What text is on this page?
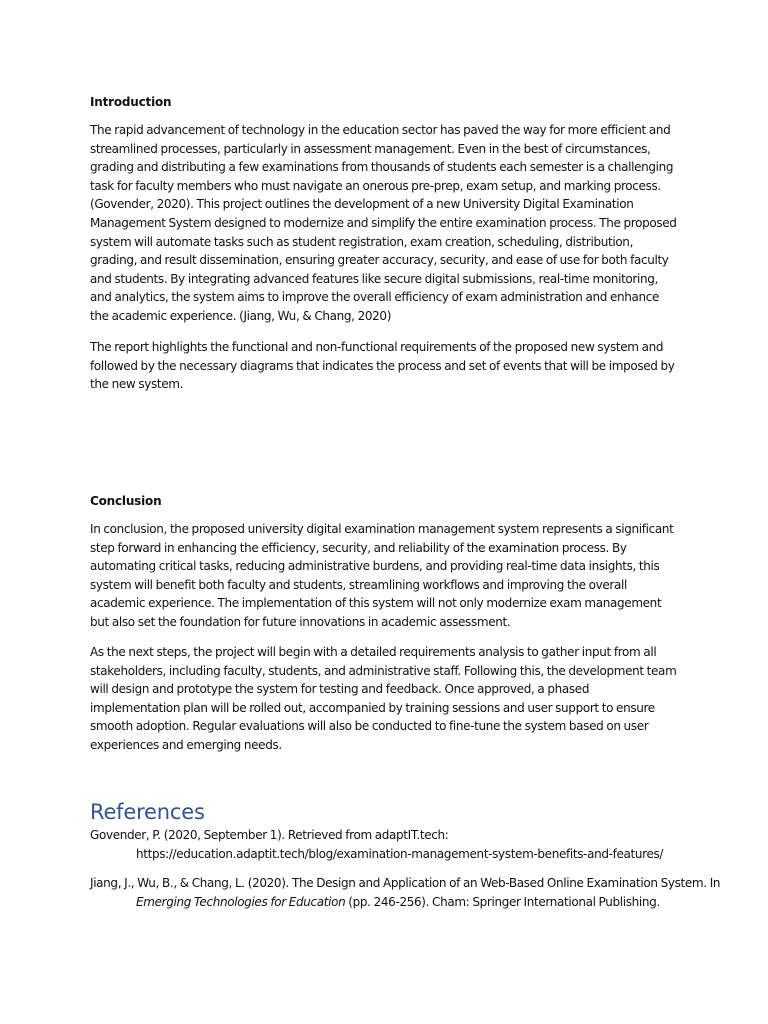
Introduction

The rapid advancement of technology in the education sector has paved the way for more efficient and streamlined processes, particularly in assessment management. Even in the best of circumstances, grading and distributing a few examinations from thousands of students each semester is a challenging task for faculty members who must navigate an onerous pre-prep, exam setup, and marking process. (Govender, 2020). This project outlines the development of a new University Digital Examination Management System designed to modernize and simplify the entire examination process. The proposed system will automate tasks such as student registration, exam creation, scheduling, distribution, grading, and result dissemination, ensuring greater accuracy, security, and ease of use for both faculty and students. By integrating advanced features like secure digital submissions, real-time monitoring, and analytics, the system aims to improve the overall efficiency of exam administration and enhance the academic experience. (Jiang, Wu, & Chang, 2020)

The report highlights the functional and non-functional requirements of the proposed new system and followed by the necessary diagrams that indicates the process and set of events that will be imposed by the new system.

Conclusion

In conclusion, the proposed university digital examination management system represents a significant step forward in enhancing the efficiency, security, and reliability of the examination process. By automating critical tasks, reducing administrative burdens, and providing real-time data insights, this system will benefit both faculty and students, streamlining workflows and improving the overall academic experience. The implementation of this system will not only modernize exam management but also set the foundation for future innovations in academic assessment.

As the next steps, the project will begin with a detailed requirements analysis to gather input from all stakeholders, including faculty, students, and administrative staff. Following this, the development team will design and prototype the system for testing and feedback. Once approved, a phased implementation plan will be rolled out, accompanied by training sessions and user support to ensure smooth adoption. Regular evaluations will also be conducted to fine-tune the system based on user experiences and emerging needs.

References

Govender, P. (2020, September 1). Retrieved from adaptIT.tech: https://education.adaptit.tech/blog/examination-management-system-benefits-and-features/

Jiang, J., Wu, B., & Chang, L. (2020). The Design and Application of an Web-Based Online Examination System. In Emerging Technologies for Education (pp. 246-256). Cham: Springer International Publishing.
